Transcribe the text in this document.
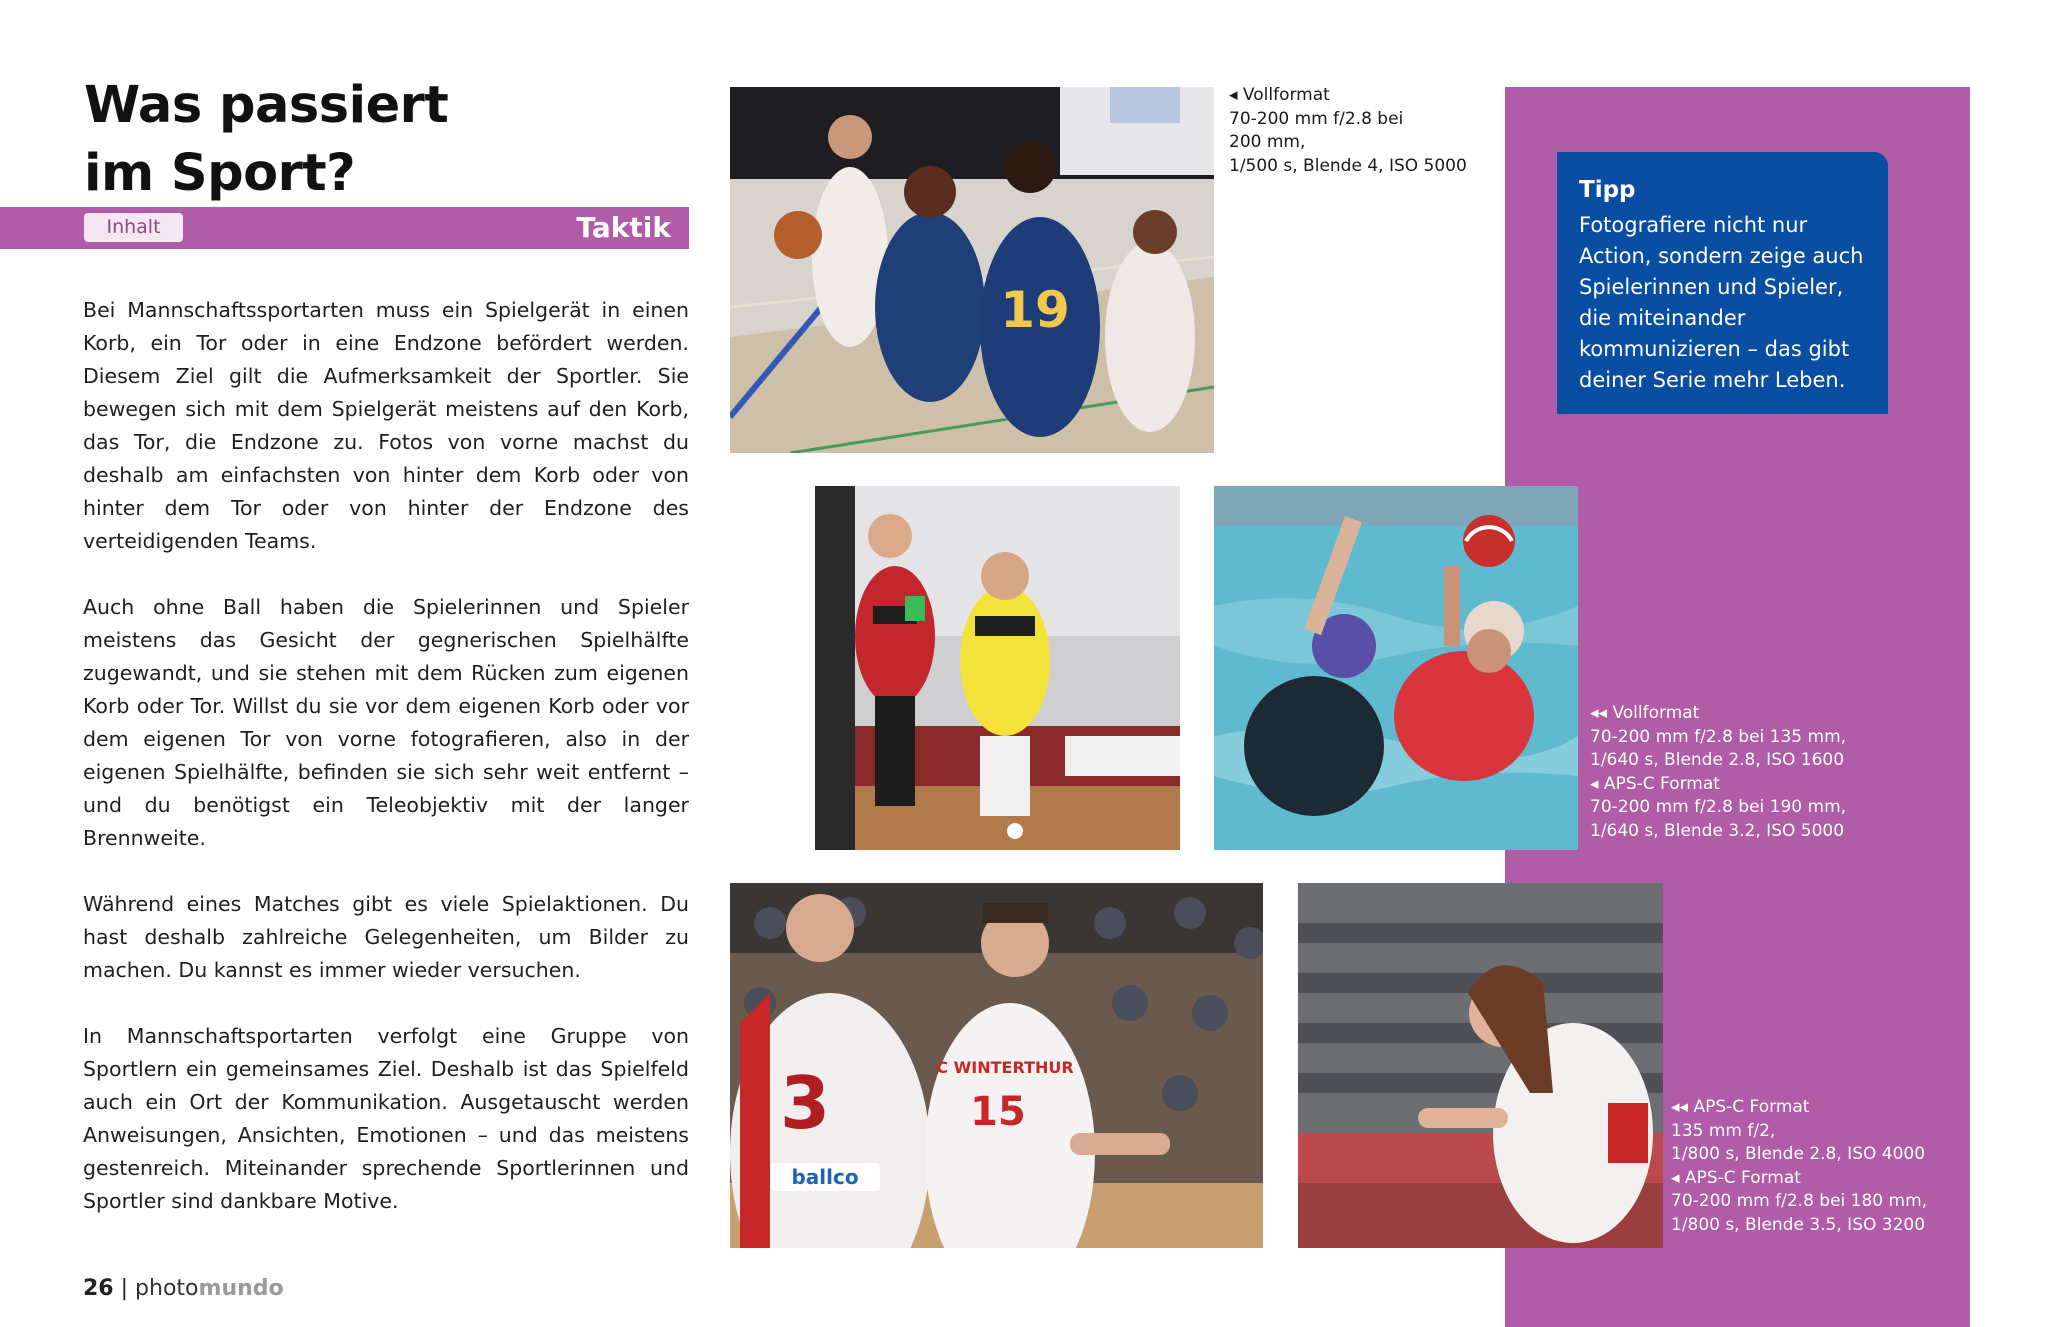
Was passiert
im Sport?
Inhalt	Taktik

Bei Mannschaftssportarten muss ein Spielgerät in einen Korb, ein Tor oder in eine Endzone befördert werden. Diesem Ziel gilt die Aufmerksamkeit der Sportler. Sie bewegen sich mit dem Spielgerät meistens auf den Korb, das Tor, die Endzone zu. Fotos von vorne machst du deshalb am einfachsten von hinter dem Korb oder von hinter dem Tor oder von hinter der Endzone des verteidigenden Teams.

Auch ohne Ball haben die Spielerinnen und Spieler meistens das Gesicht der gegnerischen Spielhälfte zugewandt, und sie stehen mit dem Rücken zum eigenen Korb oder Tor. Willst du sie vor dem eigenen Korb oder vor dem eigenen Tor von vorne fotografieren, also in der eigenen Spielhälfte, befinden sie sich sehr weit entfernt – und du benötigst ein Teleobjektiv mit der langer Brennweite.

Während eines Matches gibt es viele Spielaktionen. Du hast deshalb zahlreiche Gelegenheiten, um Bilder zu machen. Du kannst es immer wieder versuchen.

In Mannschaftsportarten verfolgt eine Gruppe von Sportlern ein gemeinsames Ziel. Deshalb ist das Spielfeld auch ein Ort der Kommunikation. Ausgetauscht werden Anweisungen, Ansichten, Emotionen – und das meistens gestenreich. Miteinander sprechende Sportlerinnen und Sportler sind dankbare Motive.

26 | photomundo
Tipp
Fotografiere nicht nur Action, sondern zeige auch Spielerinnen und Spieler, die miteinander kommunizieren – das gibt deiner Serie mehr Leben.
19
3
ballco
C WINTERTHUR
15
◂ Vollformat
70-200 mm f/2.8 bei
200 mm,
1/500 s, Blende 4, ISO 5000
◂◂ Vollformat
70-200 mm f/2.8 bei 135 mm,
1/640 s, Blende 2.8, ISO 1600
◂ APS-C Format
70-200 mm f/2.8 bei 190 mm,
1/640 s, Blende 3.2, ISO 5000
◂◂ APS-C Format
135 mm f/2,
1/800 s, Blende 2.8, ISO 4000
◂ APS-C Format
70-200 mm f/2.8 bei 180 mm,
1/800 s, Blende 3.5, ISO 3200
